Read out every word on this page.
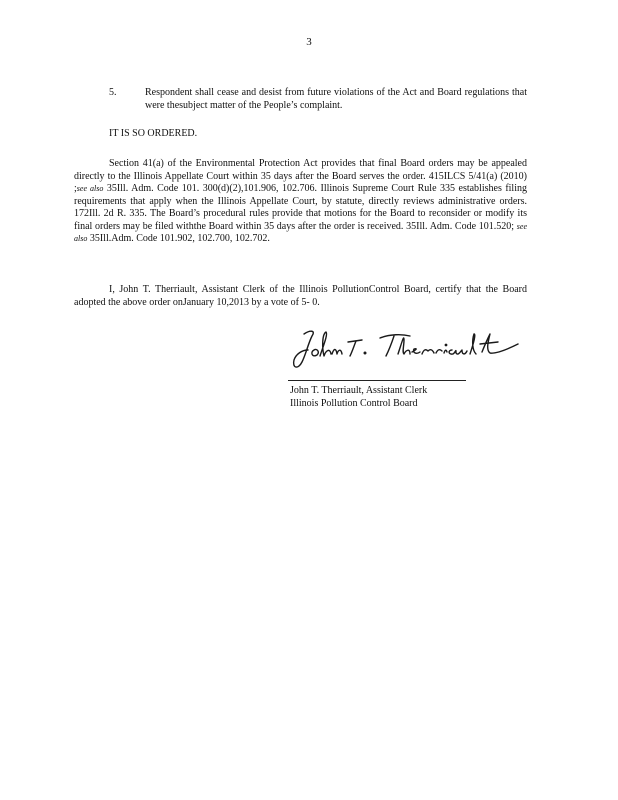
3
5.	Respondent shall cease and desist from future violations of the Act and Board regulations that were thesubject matter of the People’s complaint.
IT IS SO ORDERED.
Section 41(a) of the Environmental Protection Act provides that final Board orders may be appealed directly to the Illinois Appellate Court within 35 days after the Board serves the order. 415ILCS 5/41(a) (2010) ;see also 35Ill. Adm. Code 101. 300(d)(2),101.906, 102.706. Illinois Supreme Court Rule 335 establishes filing requirements that apply when the Illinois Appellate Court, by statute, directly reviews administrative orders. 172Ill. 2d R. 335. The Board’s procedural rules provide that motions for the Board to reconsider or modify its final orders may be filed withthe Board within 35 days after the order is received. 35Ill. Adm. Code 101.520; see also 35Ill.Adm. Code 101.902, 102.700, 102.702.
I, John T. Therriault, Assistant Clerk of the Illinois PollutionControl Board, certify that the Board adopted the above order onJanuary 10,2013 by a vote of 5- 0.
John T. Therriault, Assistant Clerk
Illinois Pollution Control Board
